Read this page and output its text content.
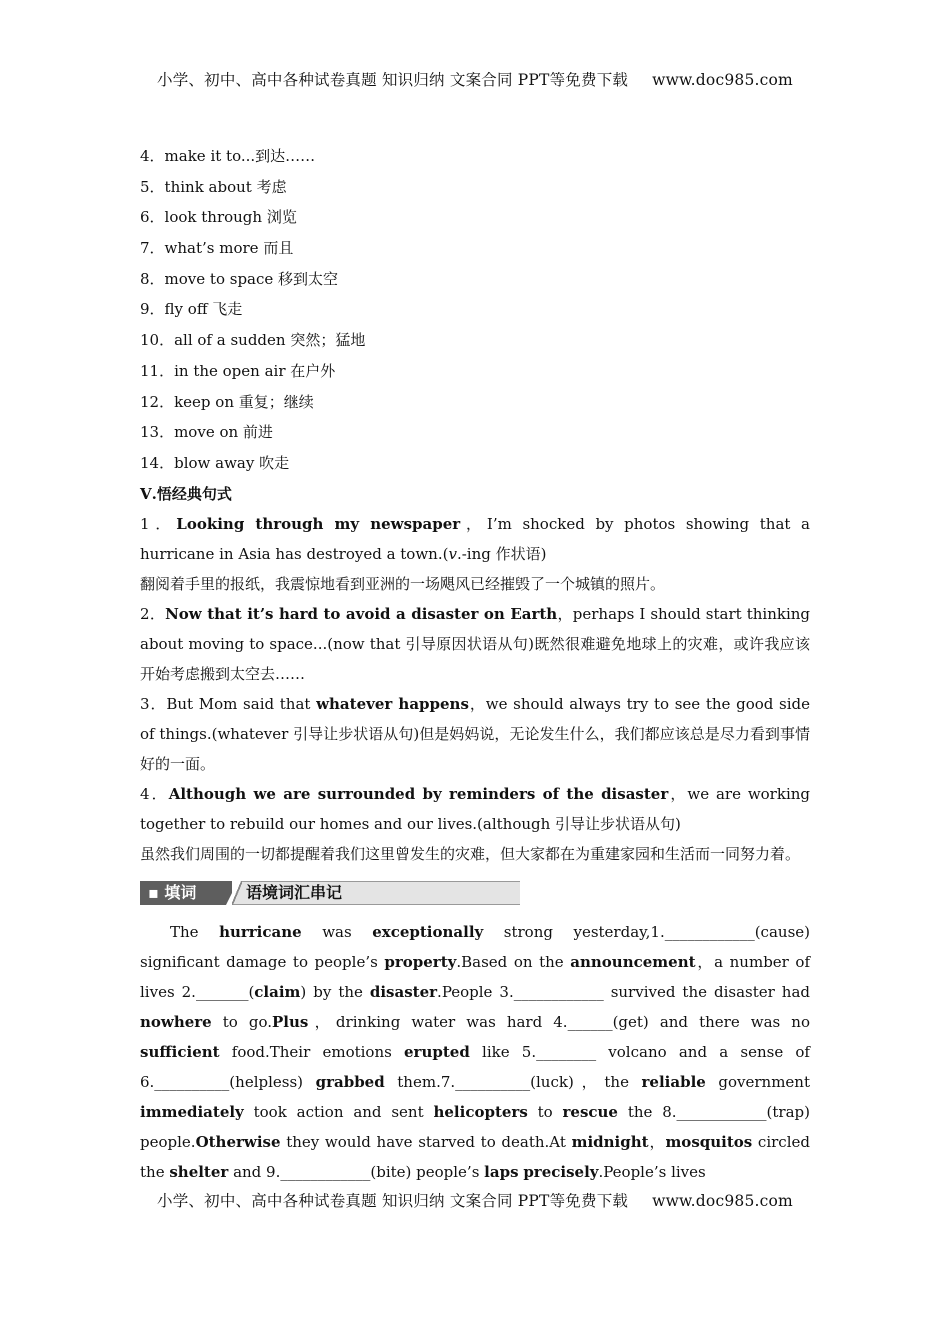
小学、初中、高中各种试卷真题 知识归纳 文案合同 PPT等免费下载 www.doc985.com
4．make it to...到达……
5．think about 考虑
6．look through 浏览
7．what’s more 而且
8．move to space 移到太空
9．fly off 飞走
10．all of a sudden 突然；猛地
11．in the open air 在户外
12．keep on 重复；继续
13．move on 前进
14．blow away 吹走
Ⅴ.悟经典句式

1．Looking through my newspaper，I’m shocked by photos showing that a hurricane in Asia has destroyed a town.(v.-ing 作状语)

翻阅着手里的报纸，我震惊地看到亚洲的一场飓风已经摧毁了一个城镇的照片。

2．Now that it’s hard to avoid a disaster on Earth，perhaps I should start thinking about moving to space...(now that 引导原因状语从句)既然很难避免地球上的灾难，或许我应该开始考虑搬到太空去……

3．But Mom said that whatever happens，we should always try to see the good side of things.(whatever 引导让步状语从句)但是妈妈说，无论发生什么，我们都应该总是尽力看到事情好的一面。

4．Although we are surrounded by reminders of the disaster，we are working together to rebuild our homes and our lives.(although 引导让步状语从句)

虽然我们周围的一切都提醒着我们这里曾发生的灾难，但大家都在为重建家园和生活而一同努力着。

▪ 填词	语境词汇串记

The hurricane was exceptionally strong yesterday,1.____________(cause) significant damage to people’s property.Based on the announcement，a number of lives 2._______(claim) by the disaster.People 3.____________ survived the disaster had nowhere to go.Plus，drinking water was hard 4.______(get) and there was no sufficient food.Their emotions erupted like 5.________ volcano and a sense of 6.__________(helpless) grabbed them.7.__________(luck)，the reliable government immediately took action and sent helicopters to rescue the 8.____________(trap) people.Otherwise they would have starved to death.At midnight，mosquitos circled the shelter and 9.____________(bite) people’s laps precisely.People’s lives

小学、初中、高中各种试卷真题 知识归纳 文案合同 PPT等免费下载 www.doc985.com
